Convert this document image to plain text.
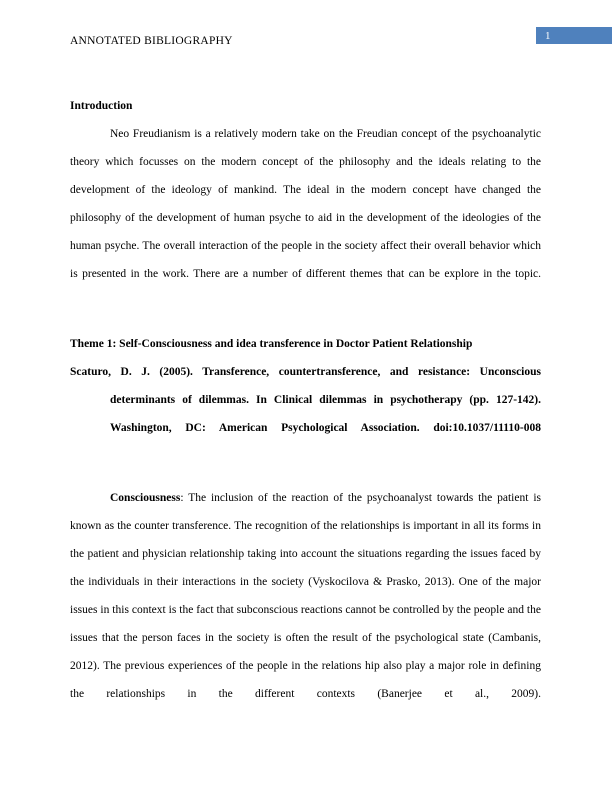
ANNOTATED BIBLIOGRAPHY	1
Introduction

Neo Freudianism is a relatively modern take on the Freudian concept of the psychoanalytic theory which focusses on the modern concept of the philosophy and the ideals relating to the development of the ideology of mankind. The ideal in the modern concept have changed the philosophy of the development of human psyche to aid in the development of the ideologies of the human psyche. The overall interaction of the people in the society affect their overall behavior which is presented in the work. There are a number of different themes that can be explore in the topic.

Theme 1: Self-Consciousness and idea transference in Doctor Patient Relationship

Scaturo, D. J. (2005). Transference, countertransference, and resistance: Unconscious determinants of dilemmas. In Clinical dilemmas in psychotherapy (pp. 127-142). Washington, DC: American Psychological Association. doi:10.1037/11110-008

Consciousness: The inclusion of the reaction of the psychoanalyst towards the patient is known as the counter transference. The recognition of the relationships is important in all its forms in the patient and physician relationship taking into account the situations regarding the issues faced by the individuals in their interactions in the society (Vyskocilova & Prasko, 2013). One of the major issues in this context is the fact that subconscious reactions cannot be controlled by the people and the issues that the person faces in the society is often the result of the psychological state (Cambanis, 2012). The previous experiences of the people in the relations hip also play a major role in defining the relationships in the different contexts (Banerjee et al., 2009).
